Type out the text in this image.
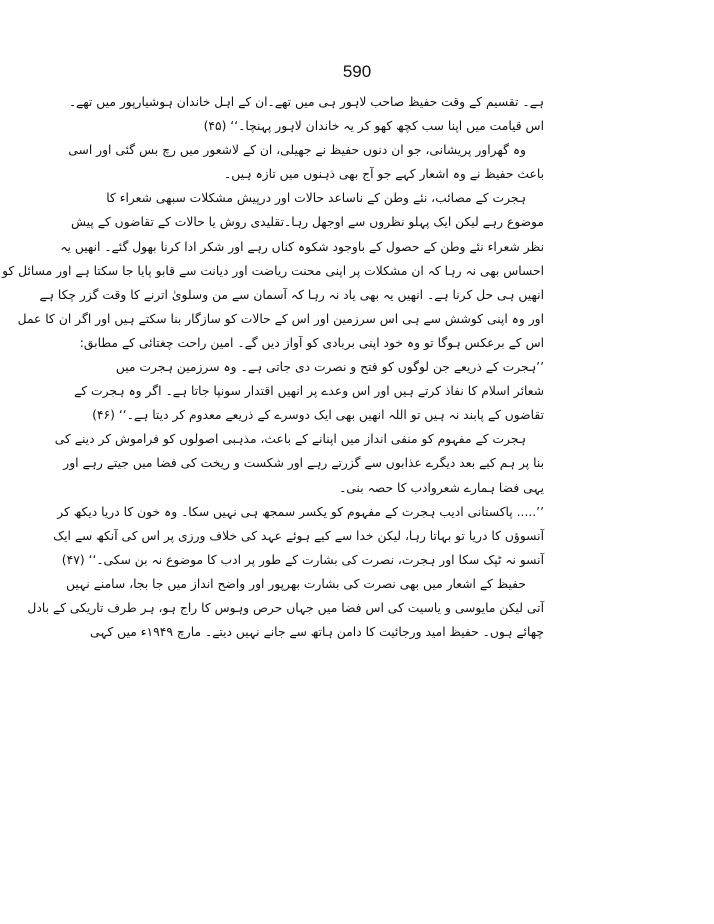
590
ہے۔ تقسیم کے وقت حفیظ صاحب لاہور ہی میں تھے۔ان کے اہل خاندان ہوشیارپور میں تھے۔
اس قیامت میں اپنا سب کچھ کھو کر یہ خاندان لاہور پہنچا۔‘‘ (۴۵)
وہ گھراور پریشانی، جو ان دنوں حفیظ نے جھیلی، ان کے لاشعور میں رچ بس گئی اور اسی
باعث حفیظ نے وہ اشعار کہے جو آج بھی ذہنوں میں تازہ ہیں۔
ہجرت کے مصائب، نئے وطن کے ناساعد حالات اور درپیش مشکلات سبھی شعراء کا
موضوع رہے لیکن ایک پہلو نظروں سے اوجھل رہا۔تقلیدی روش یا حالات کے تقاضوں کے پیش
نظر شعراء نئے وطن کے حصول کے باوجود شکوہ کناں رہے اور شکر ادا کرنا بھول گئے۔ انھیں یہ
احساس بھی نہ رہا کہ ان مشکلات پر اپنی محنت ریاضت اور دیانت سے قابو پایا جا سکتا ہے اور مسائل کو
انھیں ہی حل کرنا ہے۔ انھیں یہ بھی یاد نہ رہا کہ آسمان سے من وسلویٰ اترنے کا وقت گزر چکا ہے
اور وہ اپنی کوشش سے ہی اس سرزمین اور اس کے حالات کو سازگار بنا سکتے ہیں اور اگر ان کا عمل
اس کے برعکس ہوگا تو وہ خود اپنی بربادی کو آواز دیں گے۔ امین راحت چغتائی کے مطابق:
’’ہجرت کے ذریعے جن لوگوں کو فتح و نصرت دی جاتی ہے۔ وہ سرزمین ہجرت میں
شعائر اسلام کا نفاذ کرتے ہیں اور اس وعدے پر انھیں اقتدار سونپا جاتا ہے۔ اگر وہ ہجرت کے
تقاضوں کے پابند نہ ہیں تو اللہ انھیں بھی ایک دوسرے کے ذریعے معدوم کر دیتا ہے۔‘‘ (۴۶)
ہجرت کے مفہوم کو منفی انداز میں اپنانے کے باعث، مذہبی اصولوں کو فراموش کر دینے کی
بنا پر ہم کیے بعد دیگرے عذابوں سے گزرتے رہے اور شکست و ریخت کی فضا میں جیتے رہے اور
یہی فضا ہمارے شعروادب کا حصہ بنی۔
’’..... پاکستانی ادیب ہجرت کے مفہوم کو یکسر سمجھ ہی نہیں سکا۔ وہ خون کا دریا دیکھ کر
آنسوؤں کا دریا تو بہاتا رہا، لیکن خدا سے کیے ہوئے عہد کی خلاف ورزی پر اس کی آنکھ سے ایک
آنسو نہ ٹپک سکا اور ہجرت، نصرت کی بشارت کے طور پر ادب کا موضوع نہ بن سکی۔‘‘ (۴۷)
حفیظ کے اشعار میں بھی نصرت کی بشارت بھرپور اور واضح انداز میں جا بجا، سامنے نہیں
آتی لیکن مایوسی و یاسیت کی اس فضا میں جہاں حرص وہوس کا راج ہو، ہر طرف تاریکی کے بادل
چھائے ہوں۔ حفیظ امید ورجائیت کا دامن ہاتھ سے جانے نہیں دیتے۔ مارچ ۱۹۴۹ء میں کہی
